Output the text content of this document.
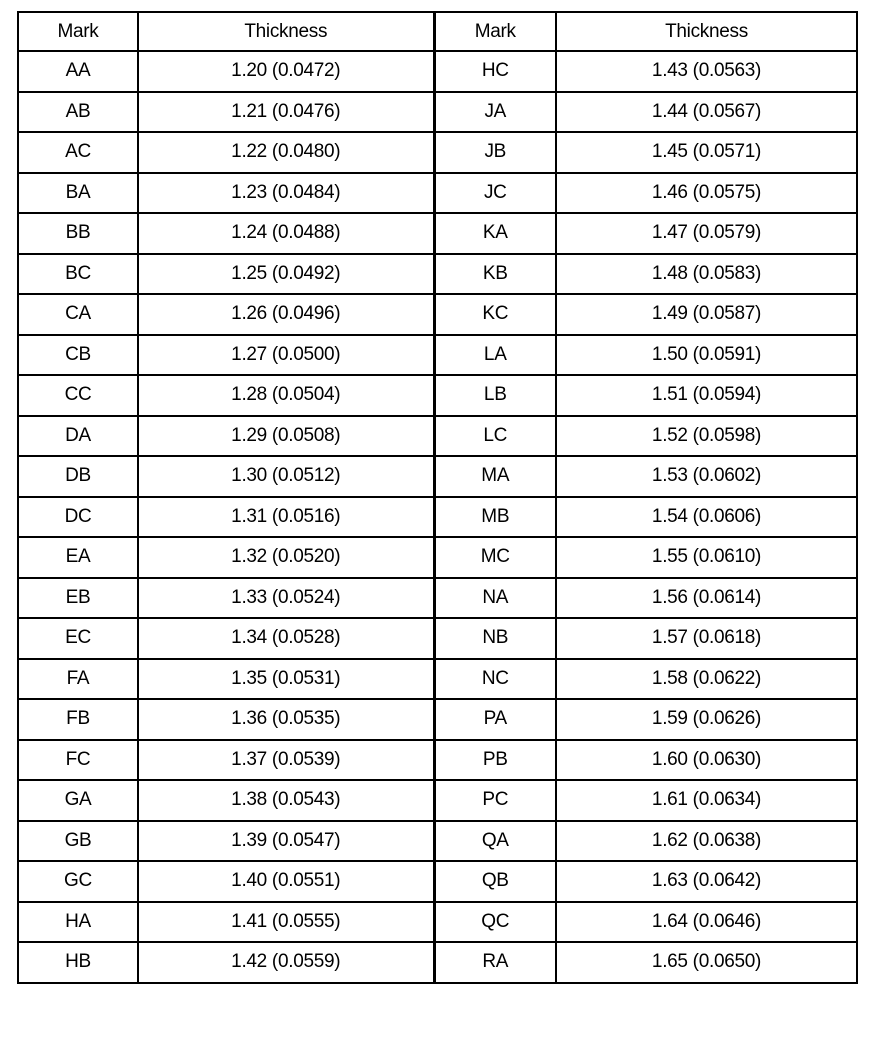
Mark	Thickness	Mark	Thickness
AA	1.20 (0.0472)	HC	1.43 (0.0563)
AB	1.21 (0.0476)	JA	1.44 (0.0567)
AC	1.22 (0.0480)	JB	1.45 (0.0571)
BA	1.23 (0.0484)	JC	1.46 (0.0575)
BB	1.24 (0.0488)	KA	1.47 (0.0579)
BC	1.25 (0.0492)	KB	1.48 (0.0583)
CA	1.26 (0.0496)	KC	1.49 (0.0587)
CB	1.27 (0.0500)	LA	1.50 (0.0591)
CC	1.28 (0.0504)	LB	1.51 (0.0594)
DA	1.29 (0.0508)	LC	1.52 (0.0598)
DB	1.30 (0.0512)	MA	1.53 (0.0602)
DC	1.31 (0.0516)	MB	1.54 (0.0606)
EA	1.32 (0.0520)	MC	1.55 (0.0610)
EB	1.33 (0.0524)	NA	1.56 (0.0614)
EC	1.34 (0.0528)	NB	1.57 (0.0618)
FA	1.35 (0.0531)	NC	1.58 (0.0622)
FB	1.36 (0.0535)	PA	1.59 (0.0626)
FC	1.37 (0.0539)	PB	1.60 (0.0630)
GA	1.38 (0.0543)	PC	1.61 (0.0634)
GB	1.39 (0.0547)	QA	1.62 (0.0638)
GC	1.40 (0.0551)	QB	1.63 (0.0642)
HA	1.41 (0.0555)	QC	1.64 (0.0646)
HB	1.42 (0.0559)	RA	1.65 (0.0650)
